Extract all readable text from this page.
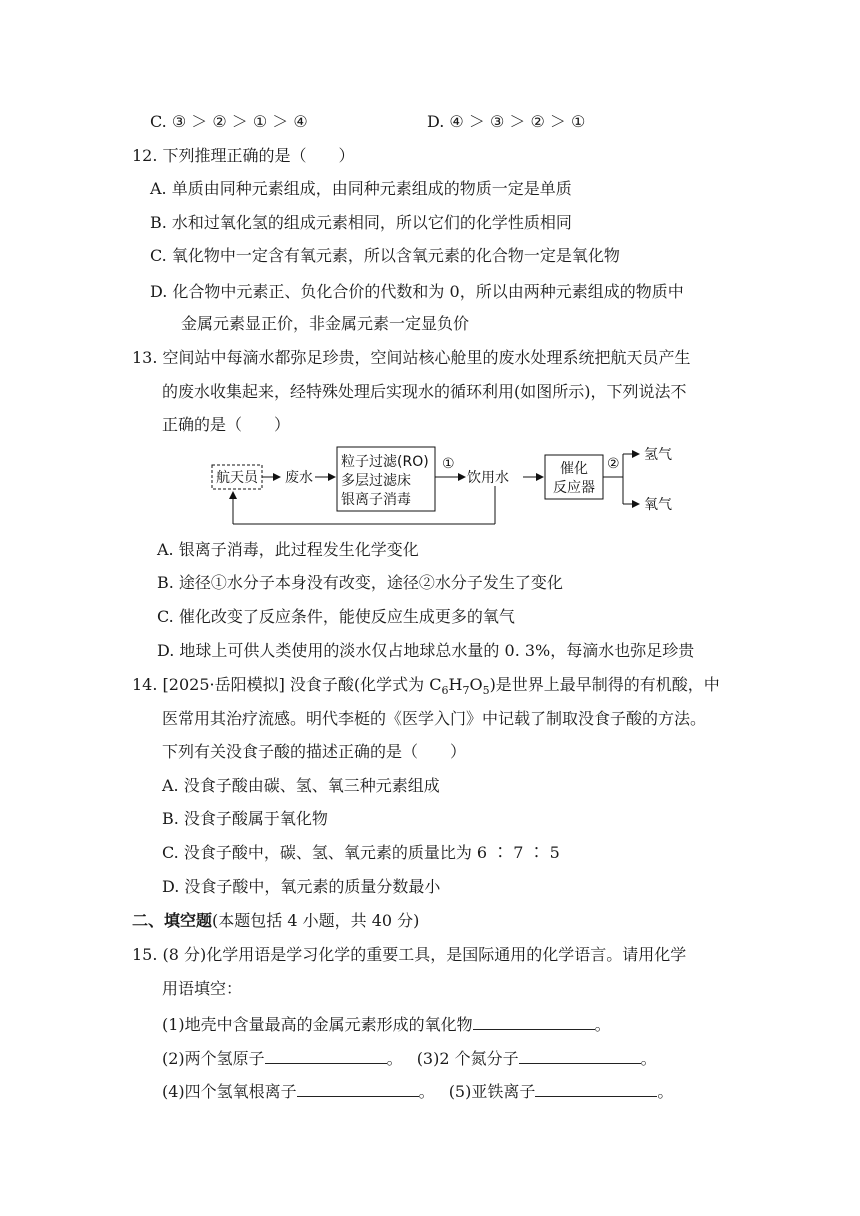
C. ③ ＞ ② ＞ ① ＞ ④	D. ④ ＞ ③ ＞ ② ＞ ①
12. 下列推理正确的是（　　）
A. 单质由同种元素组成，由同种元素组成的物质一定是单质
B. 水和过氧化氢的组成元素相同，所以它们的化学性质相同
C. 氧化物中一定含有氧元素，所以含氧元素的化合物一定是氧化物
D. 化合物中元素正、负化合价的代数和为 0，所以由两种元素组成的物质中
金属元素显正价，非金属元素一定显负价
13. 空间站中每滴水都弥足珍贵，空间站核心舱里的废水处理系统把航天员产生
的废水收集起来，经特殊处理后实现水的循环利用(如图所示)，下列说法不
正确的是（　　）
航天员 废水
粒子过滤(RO)
多层过滤床
银离子消毒
①
饮用水
催化
反应器
②
氢气
氧气
A. 银离子消毒，此过程发生化学变化
B. 途径①水分子本身没有改变，途径②水分子发生了变化
C. 催化改变了反应条件，能使反应生成更多的氧气
D. 地球上可供人类使用的淡水仅占地球总水量的 0. 3%，每滴水也弥足珍贵
14. [2025·岳阳模拟] 没食子酸(化学式为 $C_6H_7O_5$)是世界上最早制得的有机酸，中
医常用其治疗流感。明代李梃的《医学入门》中记载了制取没食子酸的方法。
下列有关没食子酸的描述正确的是（　　）
A. 没食子酸由碳、氢、氧三种元素组成
B. 没食子酸属于氧化物
C. 没食子酸中，碳、氢、氧元素的质量比为 6 ∶ 7 ∶ 5
D. 没食子酸中，氧元素的质量分数最小
二、填空题(本题包括 4 小题，共 40 分)
15. (8 分)化学用语是学习化学的重要工具，是国际通用的化学语言。请用化学
用语填空：
(1)地壳中含量最高的金属元素形成的氧化物	。
(2)两个氢原子	。 (3)2 个氮分子	。
(4)四个氢氧根离子	。 (5)亚铁离子	。
